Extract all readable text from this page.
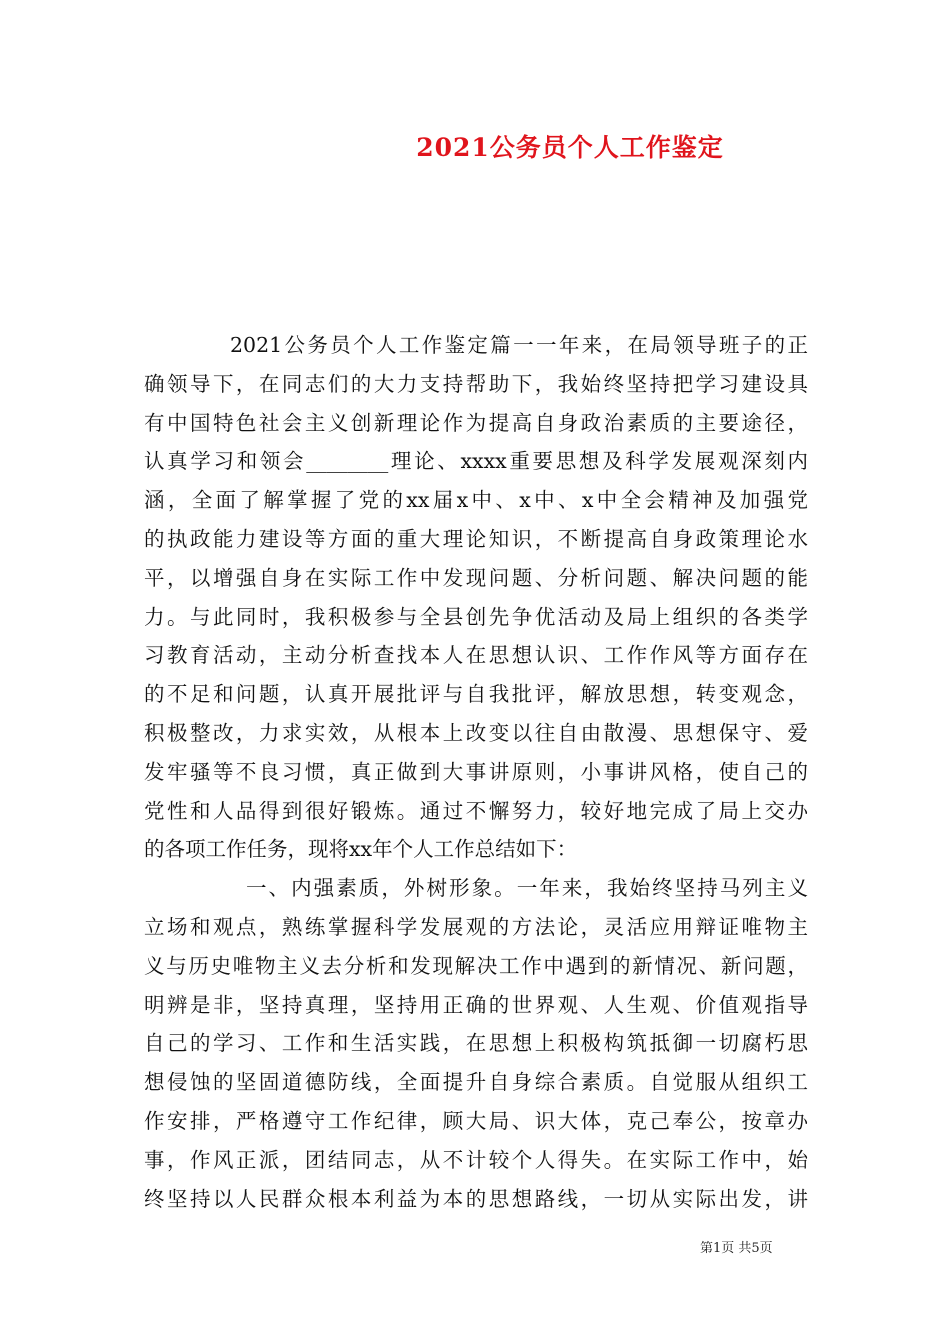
2021公务员个人工作鉴定
2021公务员个人工作鉴定篇一一年来，在局领导班子的正
确领导下，在同志们的大力支持帮助下，我始终坚持把学习建设具
有中国特色社会主义创新理论作为提高自身政治素质的主要途径，
认真学习和领会________理论、xxxx重要思想及科学发展观深刻内
涵，全面了解掌握了党的xx届x中、x中、x中全会精神及加强党
的执政能力建设等方面的重大理论知识，不断提高自身政策理论水
平，以增强自身在实际工作中发现问题、分析问题、解决问题的能
力。与此同时，我积极参与全县创先争优活动及局上组织的各类学
习教育活动，主动分析查找本人在思想认识、工作作风等方面存在
的不足和问题，认真开展批评与自我批评，解放思想，转变观念，
积极整改，力求实效，从根本上改变以往自由散漫、思想保守、爱
发牢骚等不良习惯，真正做到大事讲原则，小事讲风格，使自己的
党性和人品得到很好锻炼。通过不懈努力，较好地完成了局上交办
的各项工作任务，现将xx年个人工作总结如下：
一、内强素质，外树形象。一年来，我始终坚持马列主义
立场和观点，熟练掌握科学发展观的方法论，灵活应用辩证唯物主
义与历史唯物主义去分析和发现解决工作中遇到的新情况、新问题，
明辨是非，坚持真理，坚持用正确的世界观、人生观、价值观指导
自己的学习、工作和生活实践，在思想上积极构筑抵御一切腐朽思
想侵蚀的坚固道德防线，全面提升自身综合素质。自觉服从组织工
作安排，严格遵守工作纪律，顾大局、识大体，克己奉公，按章办
事，作风正派，团结同志，从不计较个人得失。在实际工作中，始
终坚持以人民群众根本利益为本的思想路线，一切从实际出发，讲
第1页 共5页
